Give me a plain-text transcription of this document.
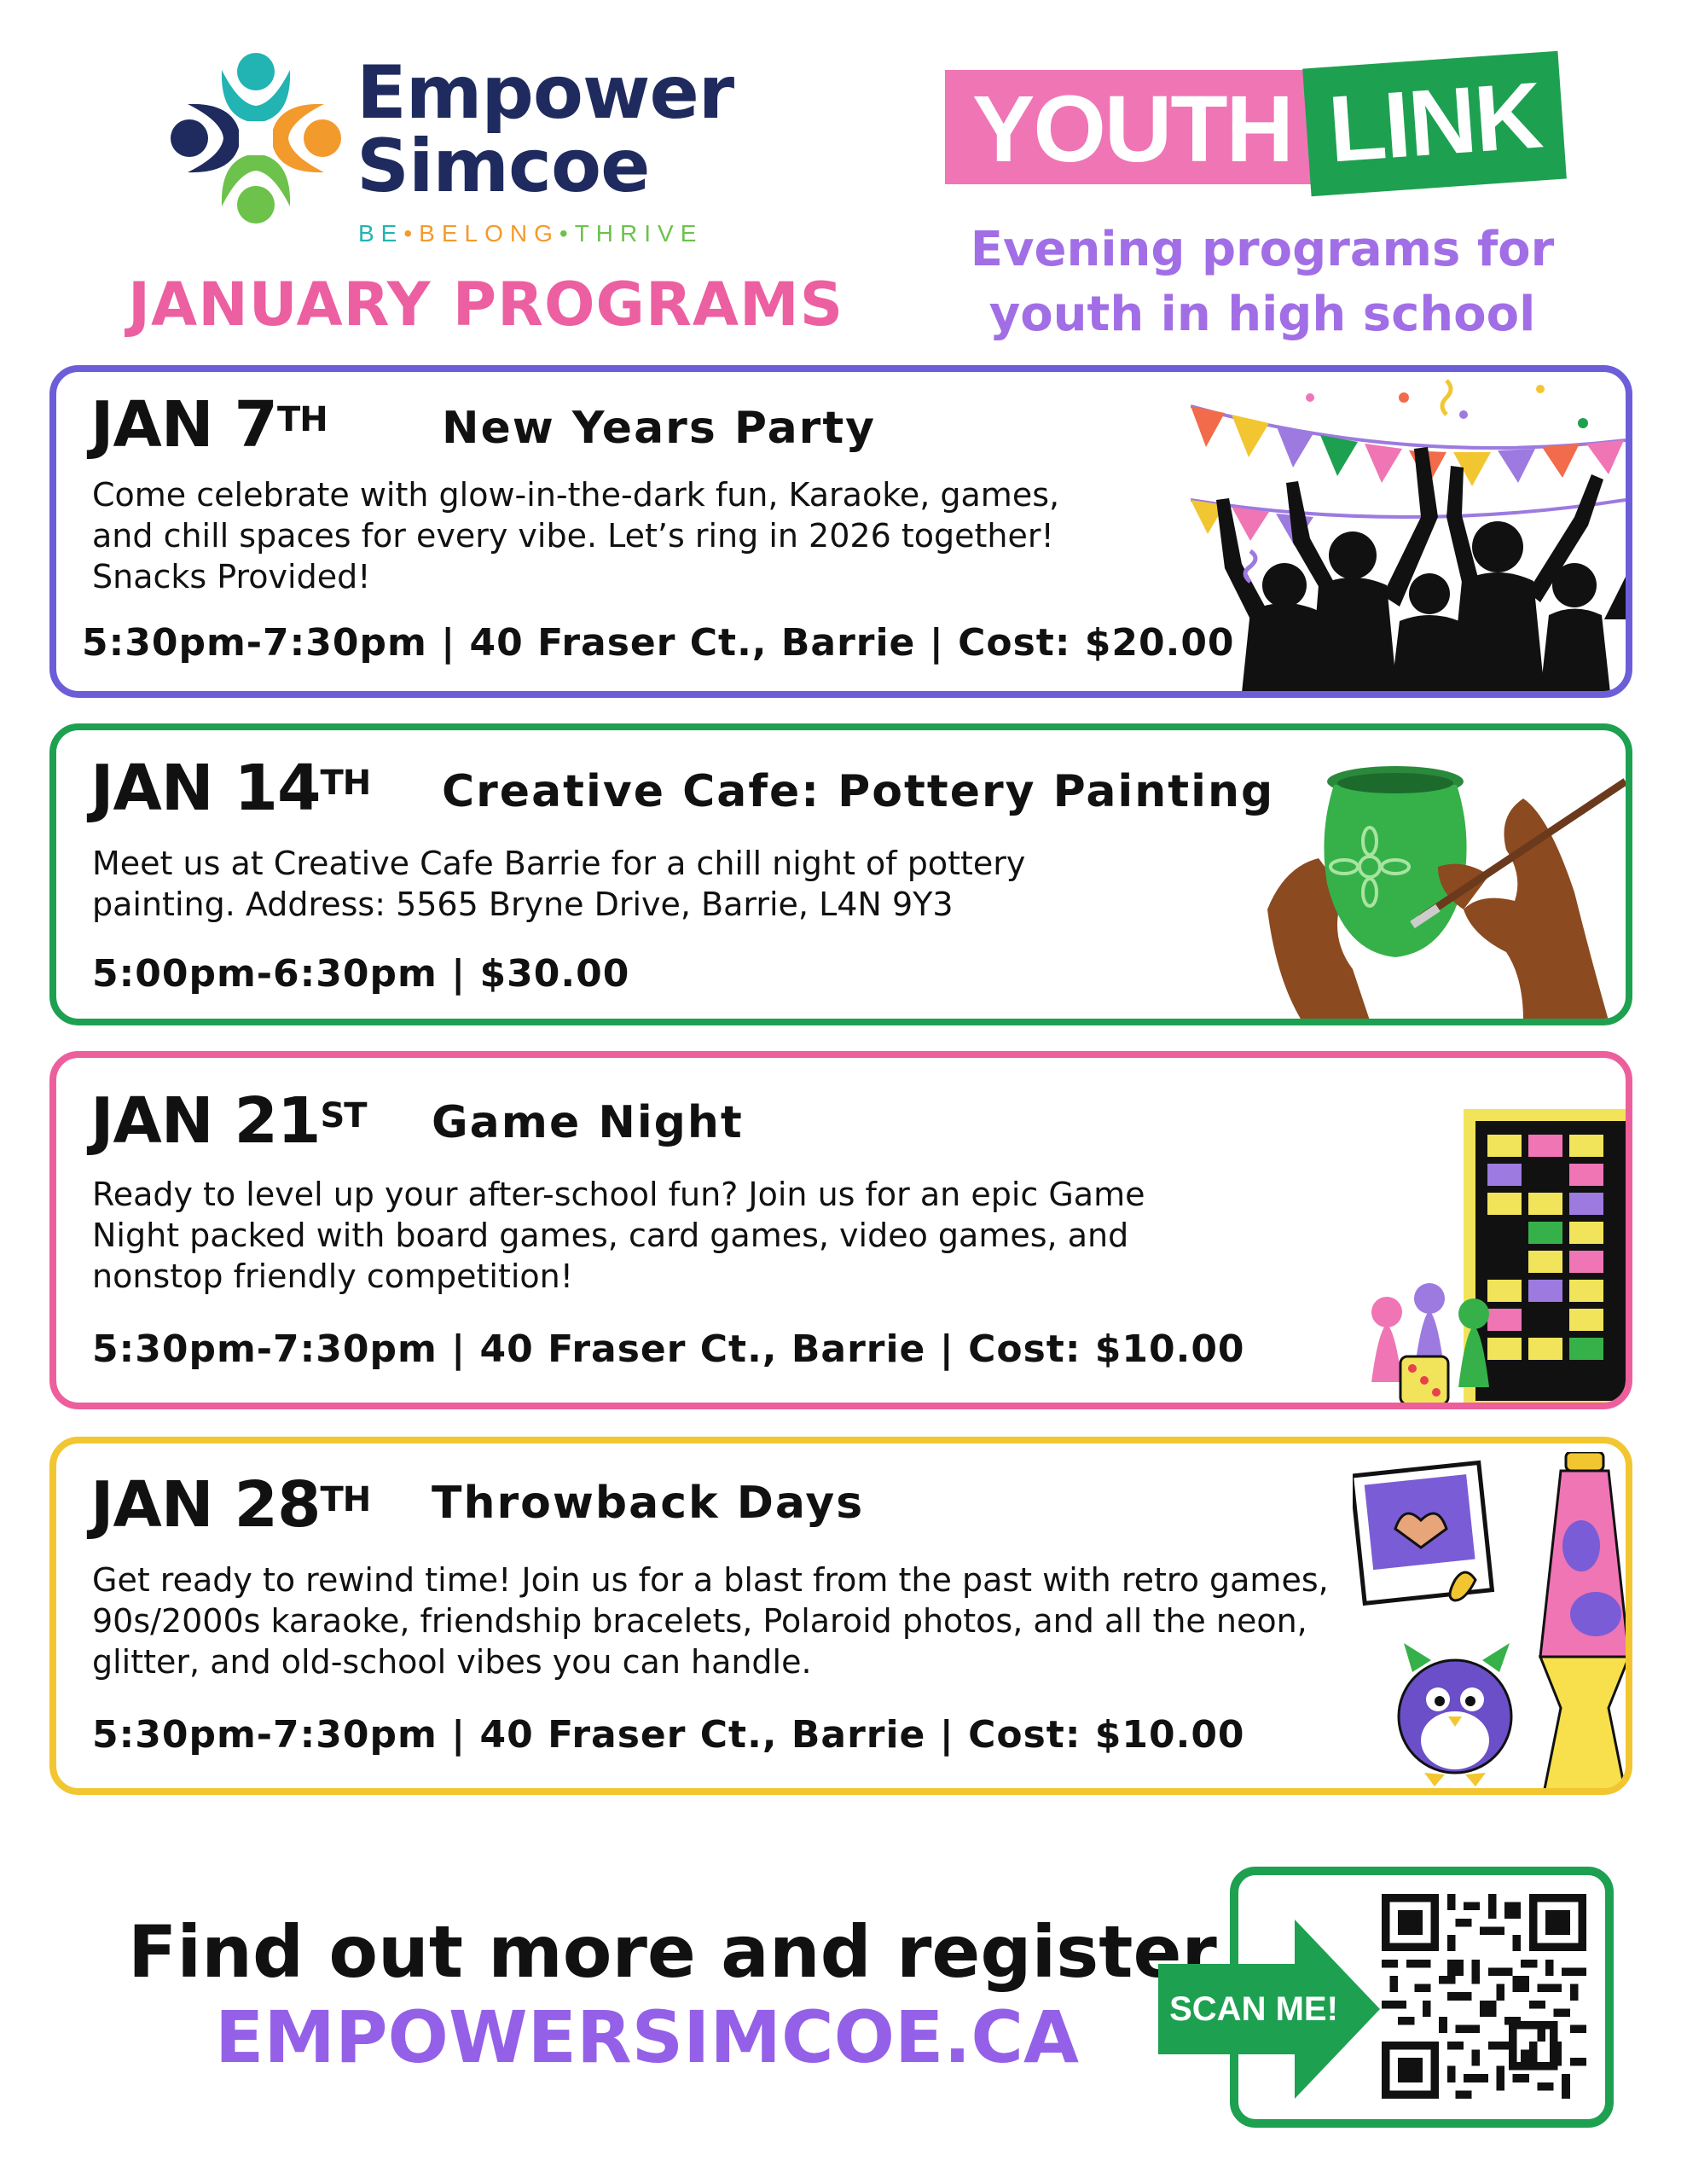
Empower
Simcoe
BE•BELONG•THRIVE
JANUARY PROGRAMS
YOUTH LINK
Evening programs for
youth in high school
JAN 7TH	New Years Party
Come celebrate with glow-in-the-dark fun, Karaoke, games, and chill spaces for every vibe. Let’s ring in 2026 together! Snacks Provided!
5:30pm-7:30pm | 40 Fraser Ct., Barrie | Cost: $20.00
JAN 14TH Creative Cafe: Pottery Painting
Meet us at Creative Cafe Barrie for a chill night of pottery painting. Address: 5565 Bryne Drive, Barrie, L4N 9Y3
5:00pm-6:30pm | $30.00
JAN 21ST Game Night
Ready to level up your after-school fun? Join us for an epic Game Night packed with board games, card games, video games, and nonstop friendly competition!
5:30pm-7:30pm | 40 Fraser Ct., Barrie | Cost: $10.00
JAN 28TH Throwback Days
Get ready to rewind time! Join us for a blast from the past with retro games, 90s/2000s karaoke, friendship bracelets, Polaroid photos, and all the neon, glitter, and old-school vibes you can handle.
5:30pm-7:30pm | 40 Fraser Ct., Barrie | Cost: $10.00
Find out more and register
EMPOWERSIMCOE.CA	SCAN ME!
